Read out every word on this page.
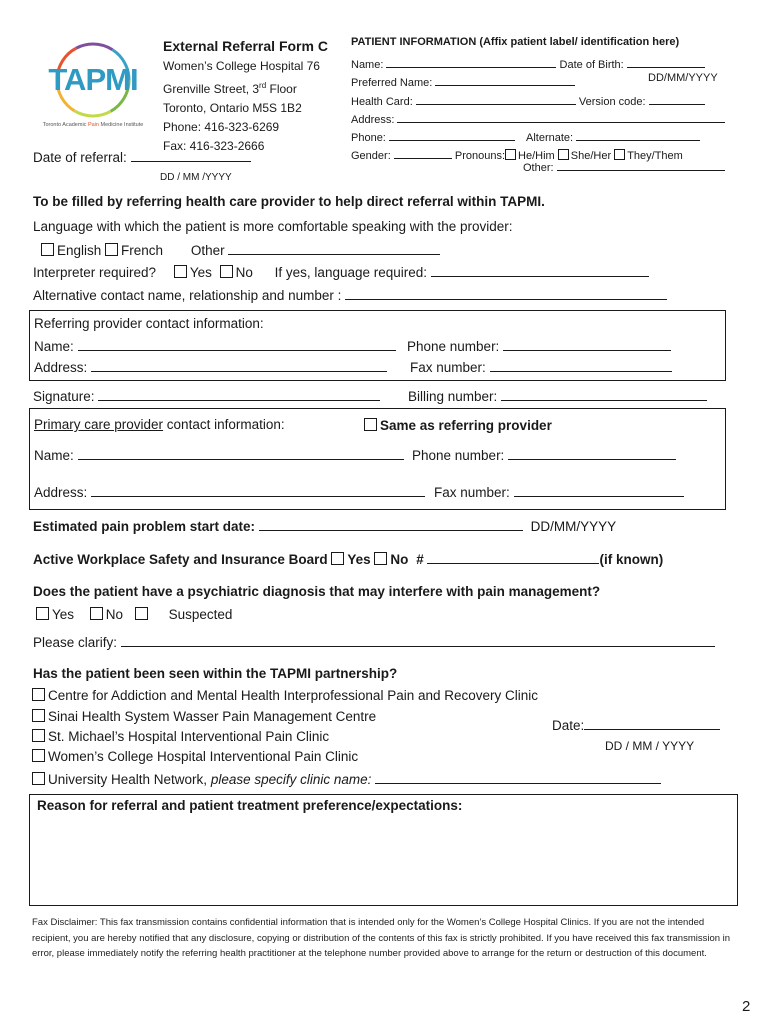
TAPMI
Toronto Academic Pain Medicine Institute
External Referral Form C
Women’s College Hospital 76
Grenville Street, 3rd Floor
Toronto, Ontario M5S 1B2
Phone: 416-323-6269
Fax: 416-323-2666
Date of referral:
DD / MM /YYYY
PATIENT INFORMATION (Affix patient label/ identification here)
Name:	Date of Birth:
Preferred Name:	DD/MM/YYYY
Health Card:	Version code:
Address:
Phone:	Alternate:
Gender:	Pronouns: He/Him She/Her They/Them
Other:
To be filled by referring health care provider to help direct referral within TAPMI.
Language with which the patient is more comfortable speaking with the provider:
English French Other
Interpreter required?	Yes No If yes, language required:
Alternative contact name, relationship and number :
Referring provider contact information:
Name:	Phone number:
Address:	Fax number:
Signature:	Billing number:
Primary care provider contact information:	Same as referring provider
Name:	Phone number:
Address:	Fax number:
Estimated pain problem start date:	DD/MM/YYYY
Active Workplace Safety and Insurance Board Yes No #	(if known)
Does the patient have a psychiatric diagnosis that may interfere with pain management?
Yes No	Suspected
Please clarify:
Has the patient been seen within the TAPMI partnership?
Centre for Addiction and Mental Health Interprofessional Pain and Recovery Clinic
Sinai Health System Wasser Pain Management Centre
St. Michael’s Hospital Interventional Pain Clinic
Women’s College Hospital Interventional Pain Clinic
University Health Network, please specify clinic name:
Date:
DD / MM / YYYY
Reason for referral and patient treatment preference/expectations:
Fax Disclaimer: This fax transmission contains confidential information that is intended only for the Women’s College Hospital Clinics. If you are not the intended recipient, you are hereby notified that any disclosure, copying or distribution of the contents of this fax is strictly prohibited. If you have received this fax transmission in error, please immediately notify the referring health practitioner at the telephone number provided above to arrange for the return or destruction of this document.
2
